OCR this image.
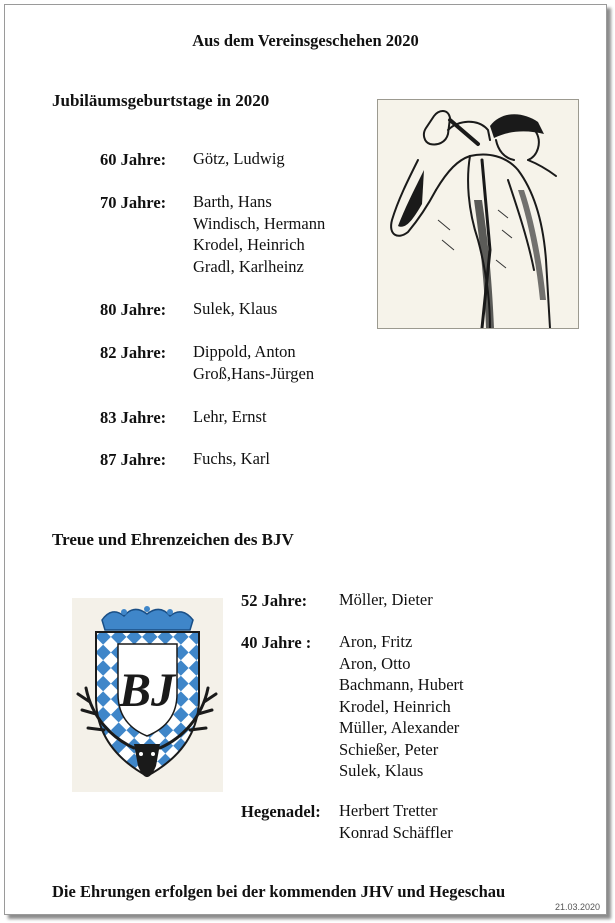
Aus dem Vereinsgeschehen 2020
Jubiläumsgeburtstage in 2020
60 Jahre: Götz, Ludwig
70 Jahre: Barth, Hans
Windisch, Hermann
Krodel, Heinrich
Gradl, Karlheinz
80 Jahre: Sulek, Klaus
82 Jahre: Dippold, Anton
Groß,Hans-Jürgen
83 Jahre: Lehr, Ernst
87 Jahre: Fuchs, Karl
Treue und Ehrenzeichen des BJV
BJ
52 Jahre: Möller, Dieter
40 Jahre : Aron, Fritz
Aron, Otto
Bachmann, Hubert
Krodel, Heinrich
Müller, Alexander
Schießer, Peter
Sulek, Klaus
Hegenadel: Herbert Tretter
Konrad Schäffler
Die Ehrungen erfolgen bei der kommenden JHV und Hegeschau
21.03.2020
